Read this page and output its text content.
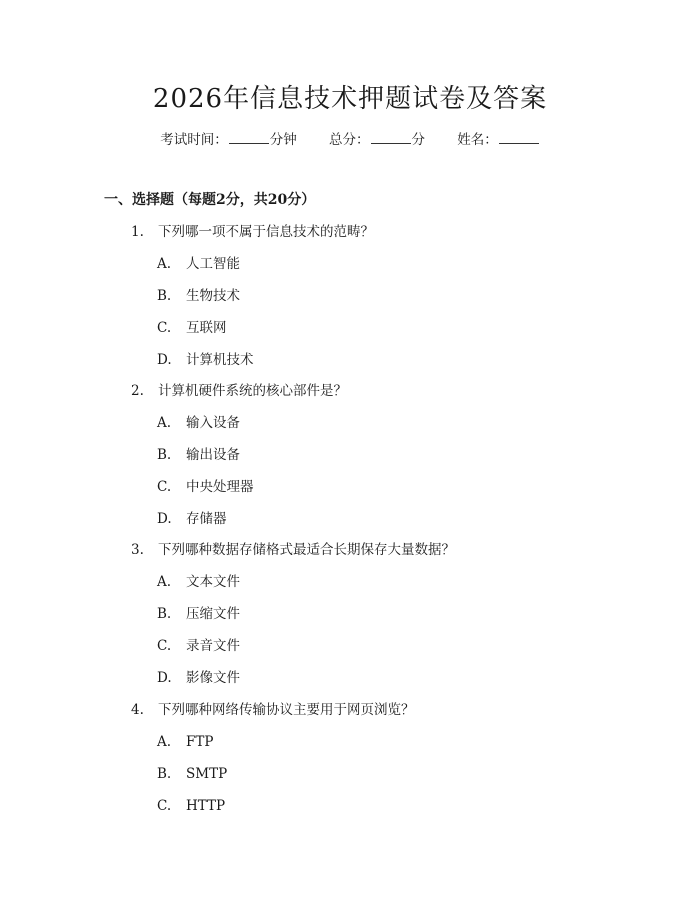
2026年信息技术押题试卷及答案
考试时间：	分钟 总分：	分 姓名：
一、选择题（每题2分，共20分）
1. 下列哪一项不属于信息技术的范畴？
A. 人工智能
B. 生物技术
C. 互联网
D. 计算机技术
2. 计算机硬件系统的核心部件是？
A. 输入设备
B. 输出设备
C. 中央处理器
D. 存储器
3. 下列哪种数据存储格式最适合长期保存大量数据？
A. 文本文件
B. 压缩文件
C. 录音文件
D. 影像文件
4. 下列哪种网络传输协议主要用于网页浏览？
A. FTP
B. SMTP
C. HTTP
